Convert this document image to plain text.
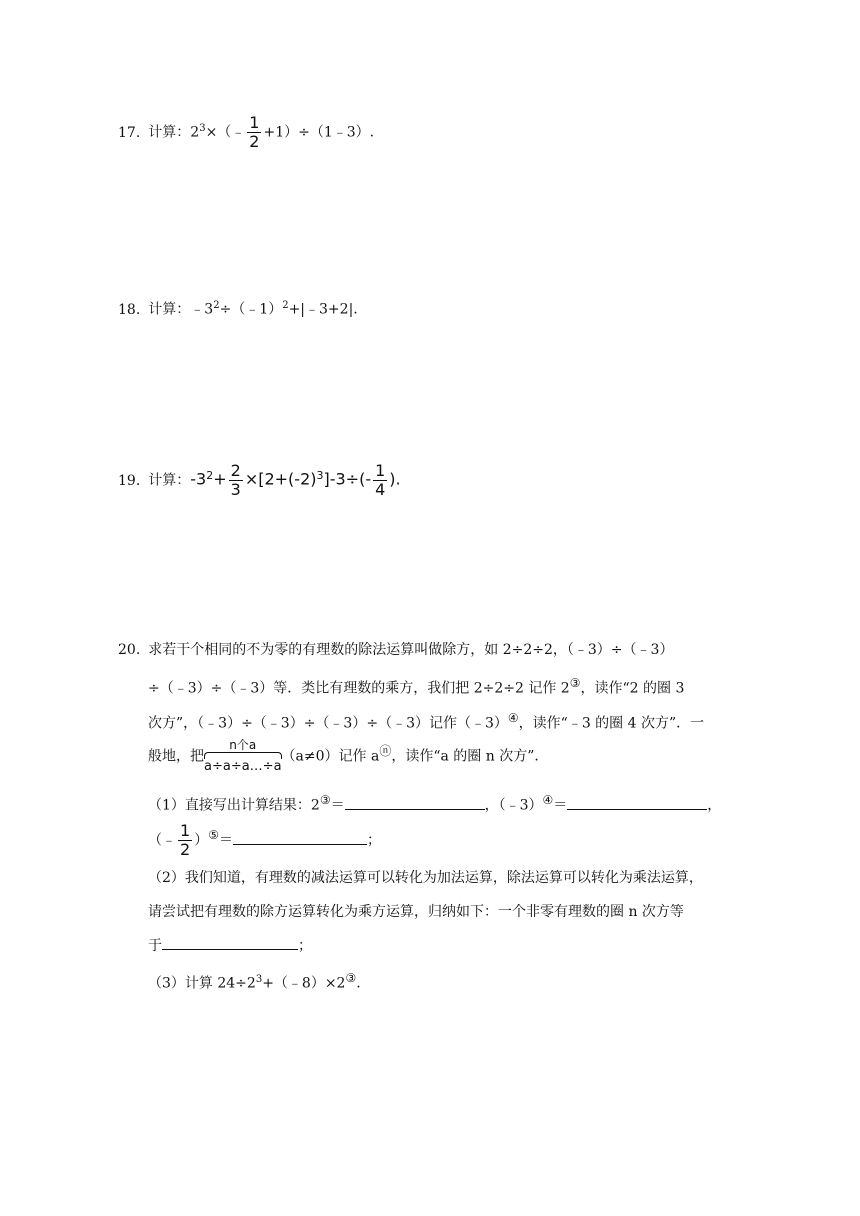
17. 计算：$2^3\times(﹣ \frac{1}{2}$ +1）÷（1﹣3）.
18. 计算：$﹣3^2\div(﹣1)^2+|﹣3+2|$.
19. 计算：$-3^2+ \frac{2}{3} \times[2+(-2)^3]-3\div(- \frac{1}{4}$ ).
20. 求若干个相同的不为零的有理数的除法运算叫做除方，如 2÷2÷2，（﹣3）÷（﹣3）
÷（﹣3）÷（﹣3）等．类比有理数的乘方，我们把 2÷2÷2 记作 2③，读作“2 的圈 3
次方”，（﹣3）÷（﹣3）÷（﹣3）÷（﹣3）记作（﹣3）④，读作“﹣3 的圈 4 次方”．一
般地，把
n个a
a÷a÷a…÷a
（a≠0）记作 aⓝ，读作“a 的圈 n 次方”．
（1）直接写出计算结果：2③＝	，（﹣3）④＝	，
（﹣ $\frac{1}{2}$ ）⑤＝	；
（2）我们知道，有理数的减法运算可以转化为加法运算，除法运算可以转化为乘法运算，
请尝试把有理数的除方运算转化为乘方运算，归纳如下：一个非零有理数的圈 n 次方等
于	；
（3）计算 $24\div 2^3+(﹣8)\times 2③$.
